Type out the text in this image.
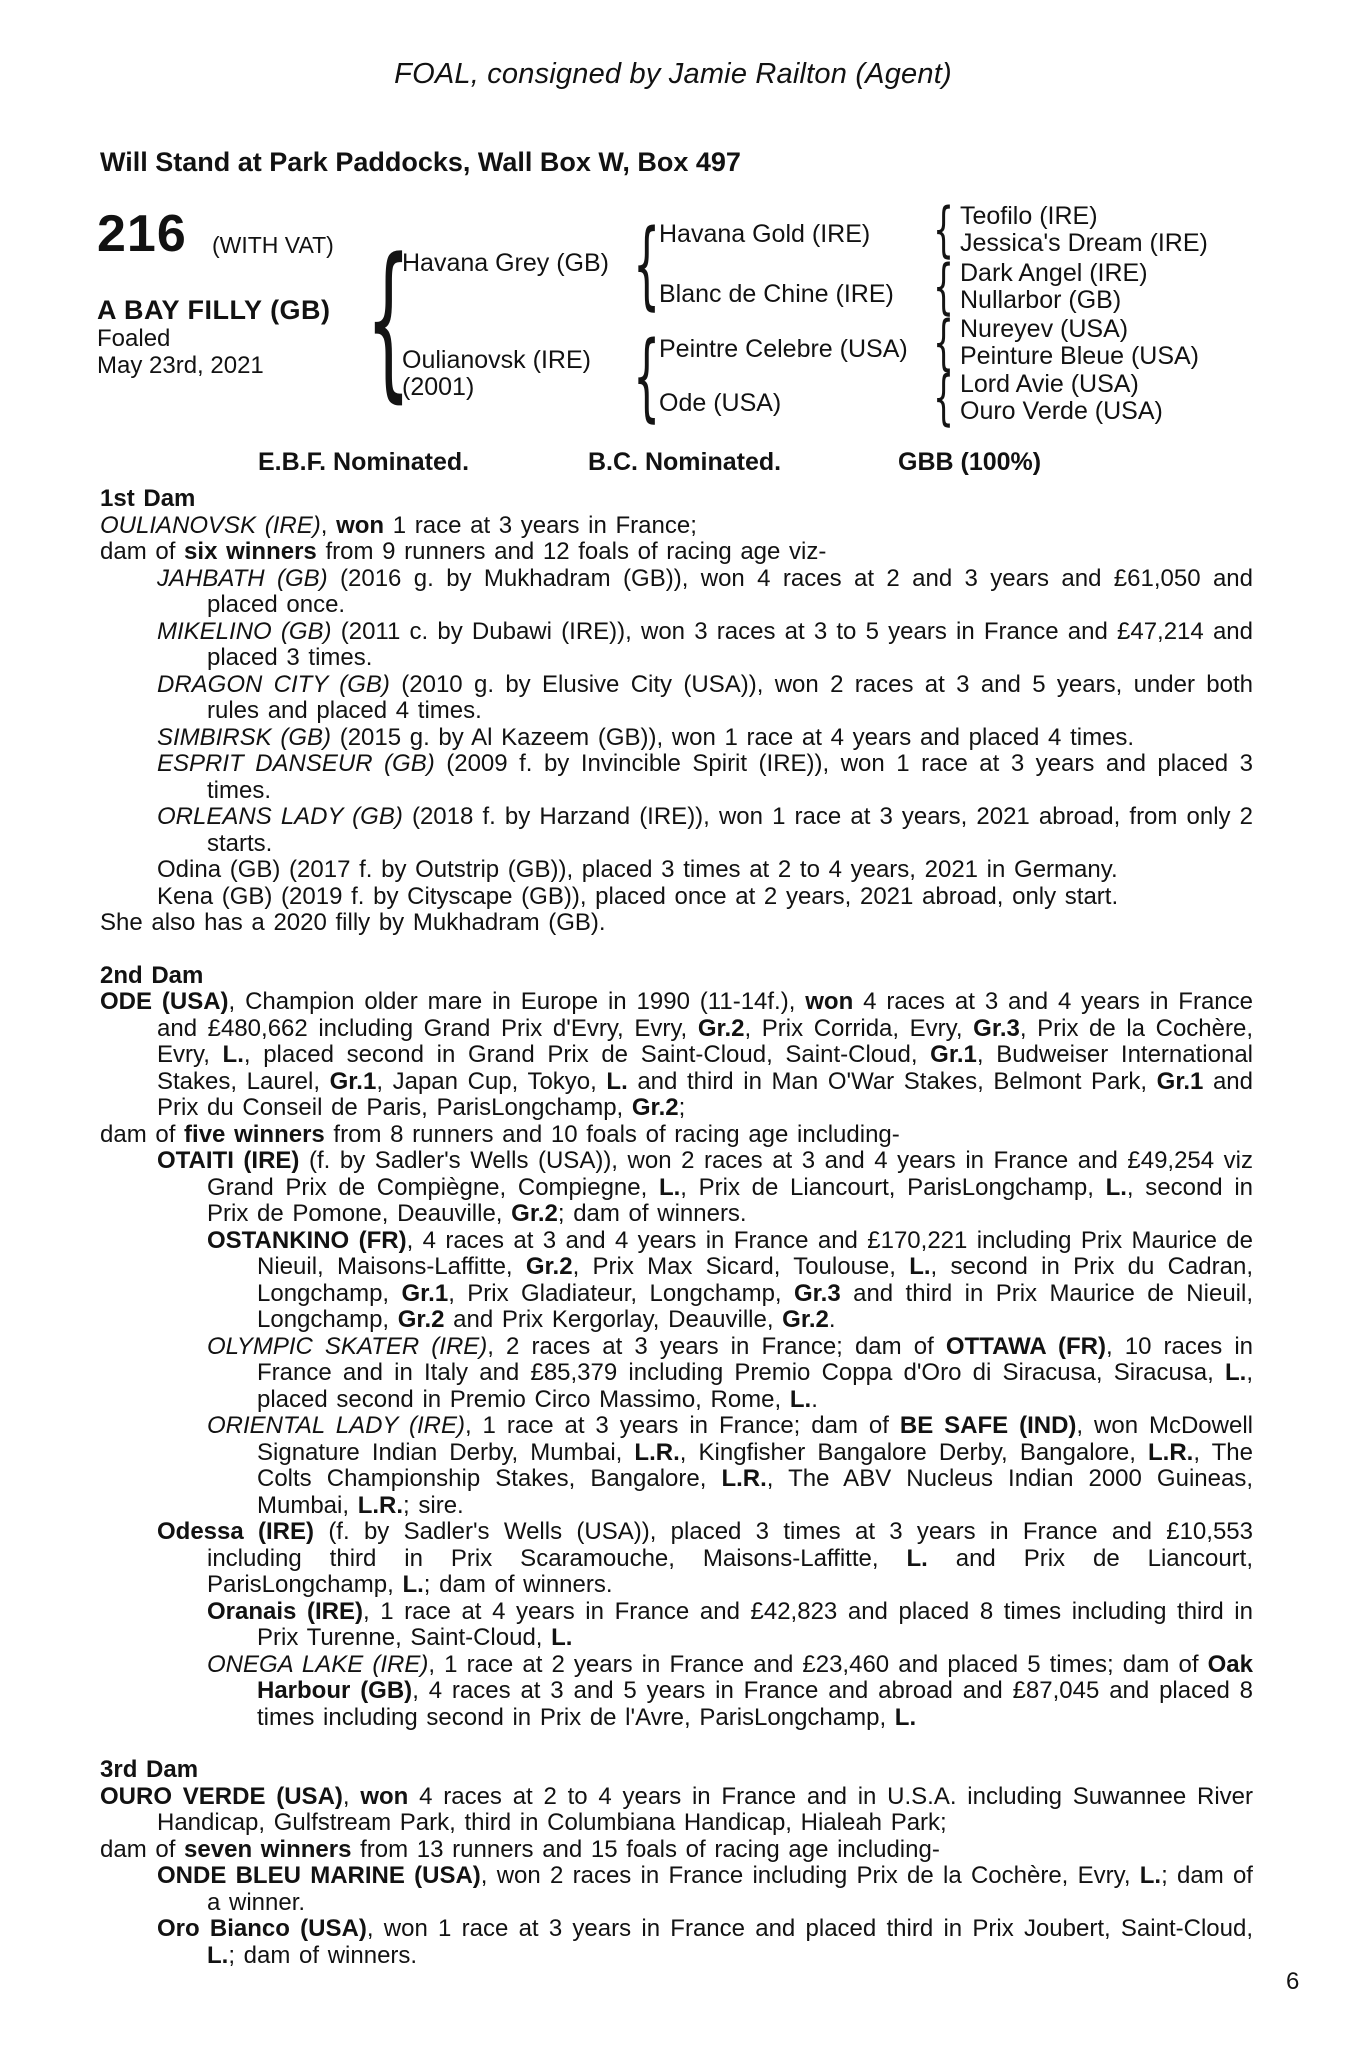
FOAL, consigned by Jamie Railton (Agent)
Will Stand at Park Paddocks, Wall Box W, Box 497
216 (WITH VAT)
A BAY FILLY (GB)
Foaled
May 23rd, 2021
{
Havana Grey (GB)
Oulianovsk (IRE)
(2001)
{
{
Havana Gold (IRE)
Blanc de Chine (IRE)
Peintre Celebre (USA)
Ode (USA)
{
{
{
{
Teofilo (IRE)
Jessica's Dream (IRE)
Dark Angel (IRE)
Nullarbor (GB)
Nureyev (USA)
Peinture Bleue (USA)
Lord Avie (USA)
Ouro Verde (USA)
E.B.F. Nominated.	B.C. Nominated.	GBB (100%)
1st Dam
OULIANOVSK (IRE), won 1 race at 3 years in France;
dam of six winners from 9 runners and 12 foals of racing age viz-
JAHBATH (GB) (2016 g. by Mukhadram (GB)), won 4 races at 2 and 3 years and £61,050 and placed once.
MIKELINO (GB) (2011 c. by Dubawi (IRE)), won 3 races at 3 to 5 years in France and £47,214 and placed 3 times.
DRAGON CITY (GB) (2010 g. by Elusive City (USA)), won 2 races at 3 and 5 years, under both rules and placed 4 times.
SIMBIRSK (GB) (2015 g. by Al Kazeem (GB)), won 1 race at 4 years and placed 4 times.
ESPRIT DANSEUR (GB) (2009 f. by Invincible Spirit (IRE)), won 1 race at 3 years and placed 3 times.
ORLEANS LADY (GB) (2018 f. by Harzand (IRE)), won 1 race at 3 years, 2021 abroad, from only 2 starts.
Odina (GB) (2017 f. by Outstrip (GB)), placed 3 times at 2 to 4 years, 2021 in Germany.
Kena (GB) (2019 f. by Cityscape (GB)), placed once at 2 years, 2021 abroad, only start.
She also has a 2020 filly by Mukhadram (GB).
2nd Dam
ODE (USA), Champion older mare in Europe in 1990 (11-14f.), won 4 races at 3 and 4 years in France and £480,662 including Grand Prix d'Evry, Evry, Gr.2, Prix Corrida, Evry, Gr.3, Prix de la Cochère, Evry, L., placed second in Grand Prix de Saint-Cloud, Saint-Cloud, Gr.1, Budweiser International Stakes, Laurel, Gr.1, Japan Cup, Tokyo, L. and third in Man O'War Stakes, Belmont Park, Gr.1 and Prix du Conseil de Paris, ParisLongchamp, Gr.2;
dam of five winners from 8 runners and 10 foals of racing age including-
OTAITI (IRE) (f. by Sadler's Wells (USA)), won 2 races at 3 and 4 years in France and £49,254 viz Grand Prix de Compiègne, Compiegne, L., Prix de Liancourt, ParisLongchamp, L., second in Prix de Pomone, Deauville, Gr.2; dam of winners.
OSTANKINO (FR), 4 races at 3 and 4 years in France and £170,221 including Prix Maurice de Nieuil, Maisons-Laffitte, Gr.2, Prix Max Sicard, Toulouse, L., second in Prix du Cadran, Longchamp, Gr.1, Prix Gladiateur, Longchamp, Gr.3 and third in Prix Maurice de Nieuil, Longchamp, Gr.2 and Prix Kergorlay, Deauville, Gr.2.
OLYMPIC SKATER (IRE), 2 races at 3 years in France; dam of OTTAWA (FR), 10 races in France and in Italy and £85,379 including Premio Coppa d'Oro di Siracusa, Siracusa, L., placed second in Premio Circo Massimo, Rome, L..
ORIENTAL LADY (IRE), 1 race at 3 years in France; dam of BE SAFE (IND), won McDowell Signature Indian Derby, Mumbai, L.R., Kingfisher Bangalore Derby, Bangalore, L.R., The Colts Championship Stakes, Bangalore, L.R., The ABV Nucleus Indian 2000 Guineas, Mumbai, L.R.; sire.
Odessa (IRE) (f. by Sadler's Wells (USA)), placed 3 times at 3 years in France and £10,553 including third in Prix Scaramouche, Maisons-Laffitte, L. and Prix de Liancourt, ParisLongchamp, L.; dam of winners.
Oranais (IRE), 1 race at 4 years in France and £42,823 and placed 8 times including third in Prix Turenne, Saint-Cloud, L.
ONEGA LAKE (IRE), 1 race at 2 years in France and £23,460 and placed 5 times; dam of Oak Harbour (GB), 4 races at 3 and 5 years in France and abroad and £87,045 and placed 8 times including second in Prix de l'Avre, ParisLongchamp, L.
3rd Dam
OURO VERDE (USA), won 4 races at 2 to 4 years in France and in U.S.A. including Suwannee River Handicap, Gulfstream Park, third in Columbiana Handicap, Hialeah Park;
dam of seven winners from 13 runners and 15 foals of racing age including-
ONDE BLEU MARINE (USA), won 2 races in France including Prix de la Cochère, Evry, L.; dam of a winner.
Oro Bianco (USA), won 1 race at 3 years in France and placed third in Prix Joubert, Saint-Cloud, L.; dam of winners.
6
